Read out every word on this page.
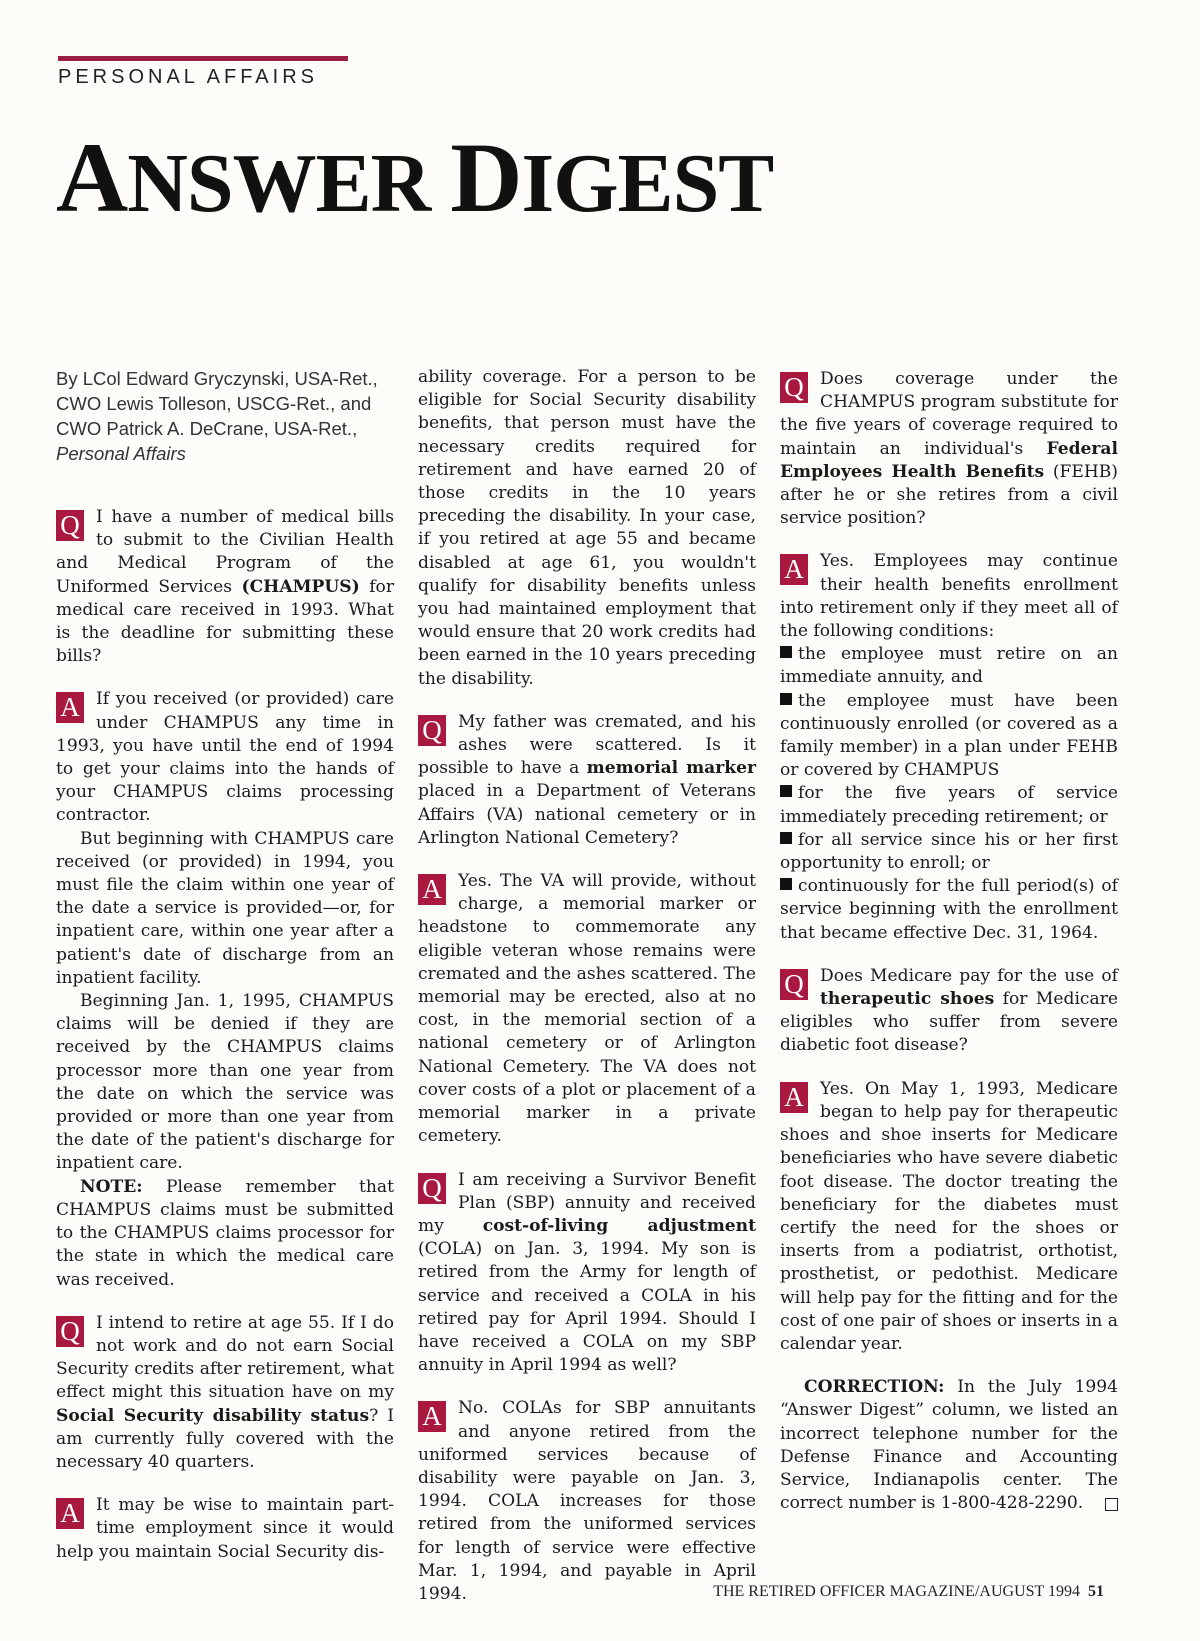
PERSONAL AFFAIRS
ANSWER DIGEST
By LCol Edward Gryczynski, USA-Ret., CWO Lewis Tolleson, USCG-Ret., and CWO Patrick A. DeCrane, USA-Ret., Personal Affairs
Q I have a number of medical bills to submit to the Civilian Health and Medical Program of the Uniformed Services (CHAMPUS) for medical care received in 1993. What is the deadline for submitting these bills?

A If you received (or provided) care under CHAMPUS any time in 1993, you have until the end of 1994 to get your claims into the hands of your CHAMPUS claims processing contractor.

But beginning with CHAMPUS care received (or provided) in 1994, you must file the claim within one year of the date a service is provided—or, for inpatient care, within one year after a patient's date of discharge from an inpatient facility.

Beginning Jan. 1, 1995, CHAMPUS claims will be denied if they are received by the CHAMPUS claims processor more than one year from the date on which the service was provided or more than one year from the date of the patient's discharge for inpatient care.

NOTE: Please remember that CHAMPUS claims must be submitted to the CHAMPUS claims processor for the state in which the medical care was received.

Q I intend to retire at age 55. If I do not work and do not earn Social Security credits after retirement, what effect might this situation have on my Social Security disability status? I am currently fully covered with the necessary 40 quarters.

A It may be wise to maintain part-time employment since it would help you maintain Social Security dis-

ability coverage. For a person to be eligible for Social Security disability benefits, that person must have the necessary credits required for retirement and have earned 20 of those credits in the 10 years preceding the disability. In your case, if you retired at age 55 and became disabled at age 61, you wouldn't qualify for disability benefits unless you had maintained employment that would ensure that 20 work credits had been earned in the 10 years preceding the disability.

Q My father was cremated, and his ashes were scattered. Is it possible to have a memorial marker placed in a Department of Veterans Affairs (VA) national cemetery or in Arlington National Cemetery?

A Yes. The VA will provide, without charge, a memorial marker or headstone to commemorate any eligible veteran whose remains were cremated and the ashes scattered. The memorial may be erected, also at no cost, in the memorial section of a national cemetery or of Arlington National Cemetery. The VA does not cover costs of a plot or placement of a memorial marker in a private cemetery.

Q I am receiving a Survivor Benefit Plan (SBP) annuity and received my cost-of-living adjustment (COLA) on Jan. 3, 1994. My son is retired from the Army for length of service and received a COLA in his retired pay for April 1994. Should I have received a COLA on my SBP annuity in April 1994 as well?

A No. COLAs for SBP annuitants and anyone retired from the uniformed services because of disability were payable on Jan. 3, 1994. COLA increases for those retired from the uniformed services for length of service were effective Mar. 1, 1994, and payable in April 1994.

Q Does coverage under the CHAMPUS program substitute for the five years of coverage required to maintain an individual's Federal Employees Health Benefits (FEHB) after he or she retires from a civil service position?

A Yes. Employees may continue their health benefits enrollment into retirement only if they meet all of the following conditions:

the employee must retire on an immediate annuity, and

the employee must have been continuously enrolled (or covered as a family member) in a plan under FEHB or covered by CHAMPUS

for the five years of service immediately preceding retirement; or

for all service since his or her first opportunity to enroll; or

continuously for the full period(s) of service beginning with the enrollment that became effective Dec. 31, 1964.

Q Does Medicare pay for the use of therapeutic shoes for Medicare eligibles who suffer from severe diabetic foot disease?

A Yes. On May 1, 1993, Medicare began to help pay for therapeutic shoes and shoe inserts for Medicare beneficiaries who have severe diabetic foot disease. The doctor treating the beneficiary for the diabetes must certify the need for the shoes or inserts from a podiatrist, orthotist, prosthetist, or pedothist. Medicare will help pay for the fitting and for the cost of one pair of shoes or inserts in a calendar year.

CORRECTION: In the July 1994 “Answer Digest” column, we listed an incorrect telephone number for the Defense Finance and Accounting Service, Indianapolis center. The correct number is 1-800-428-2290.

THE RETIRED OFFICER MAGAZINE/AUGUST 1994 51
